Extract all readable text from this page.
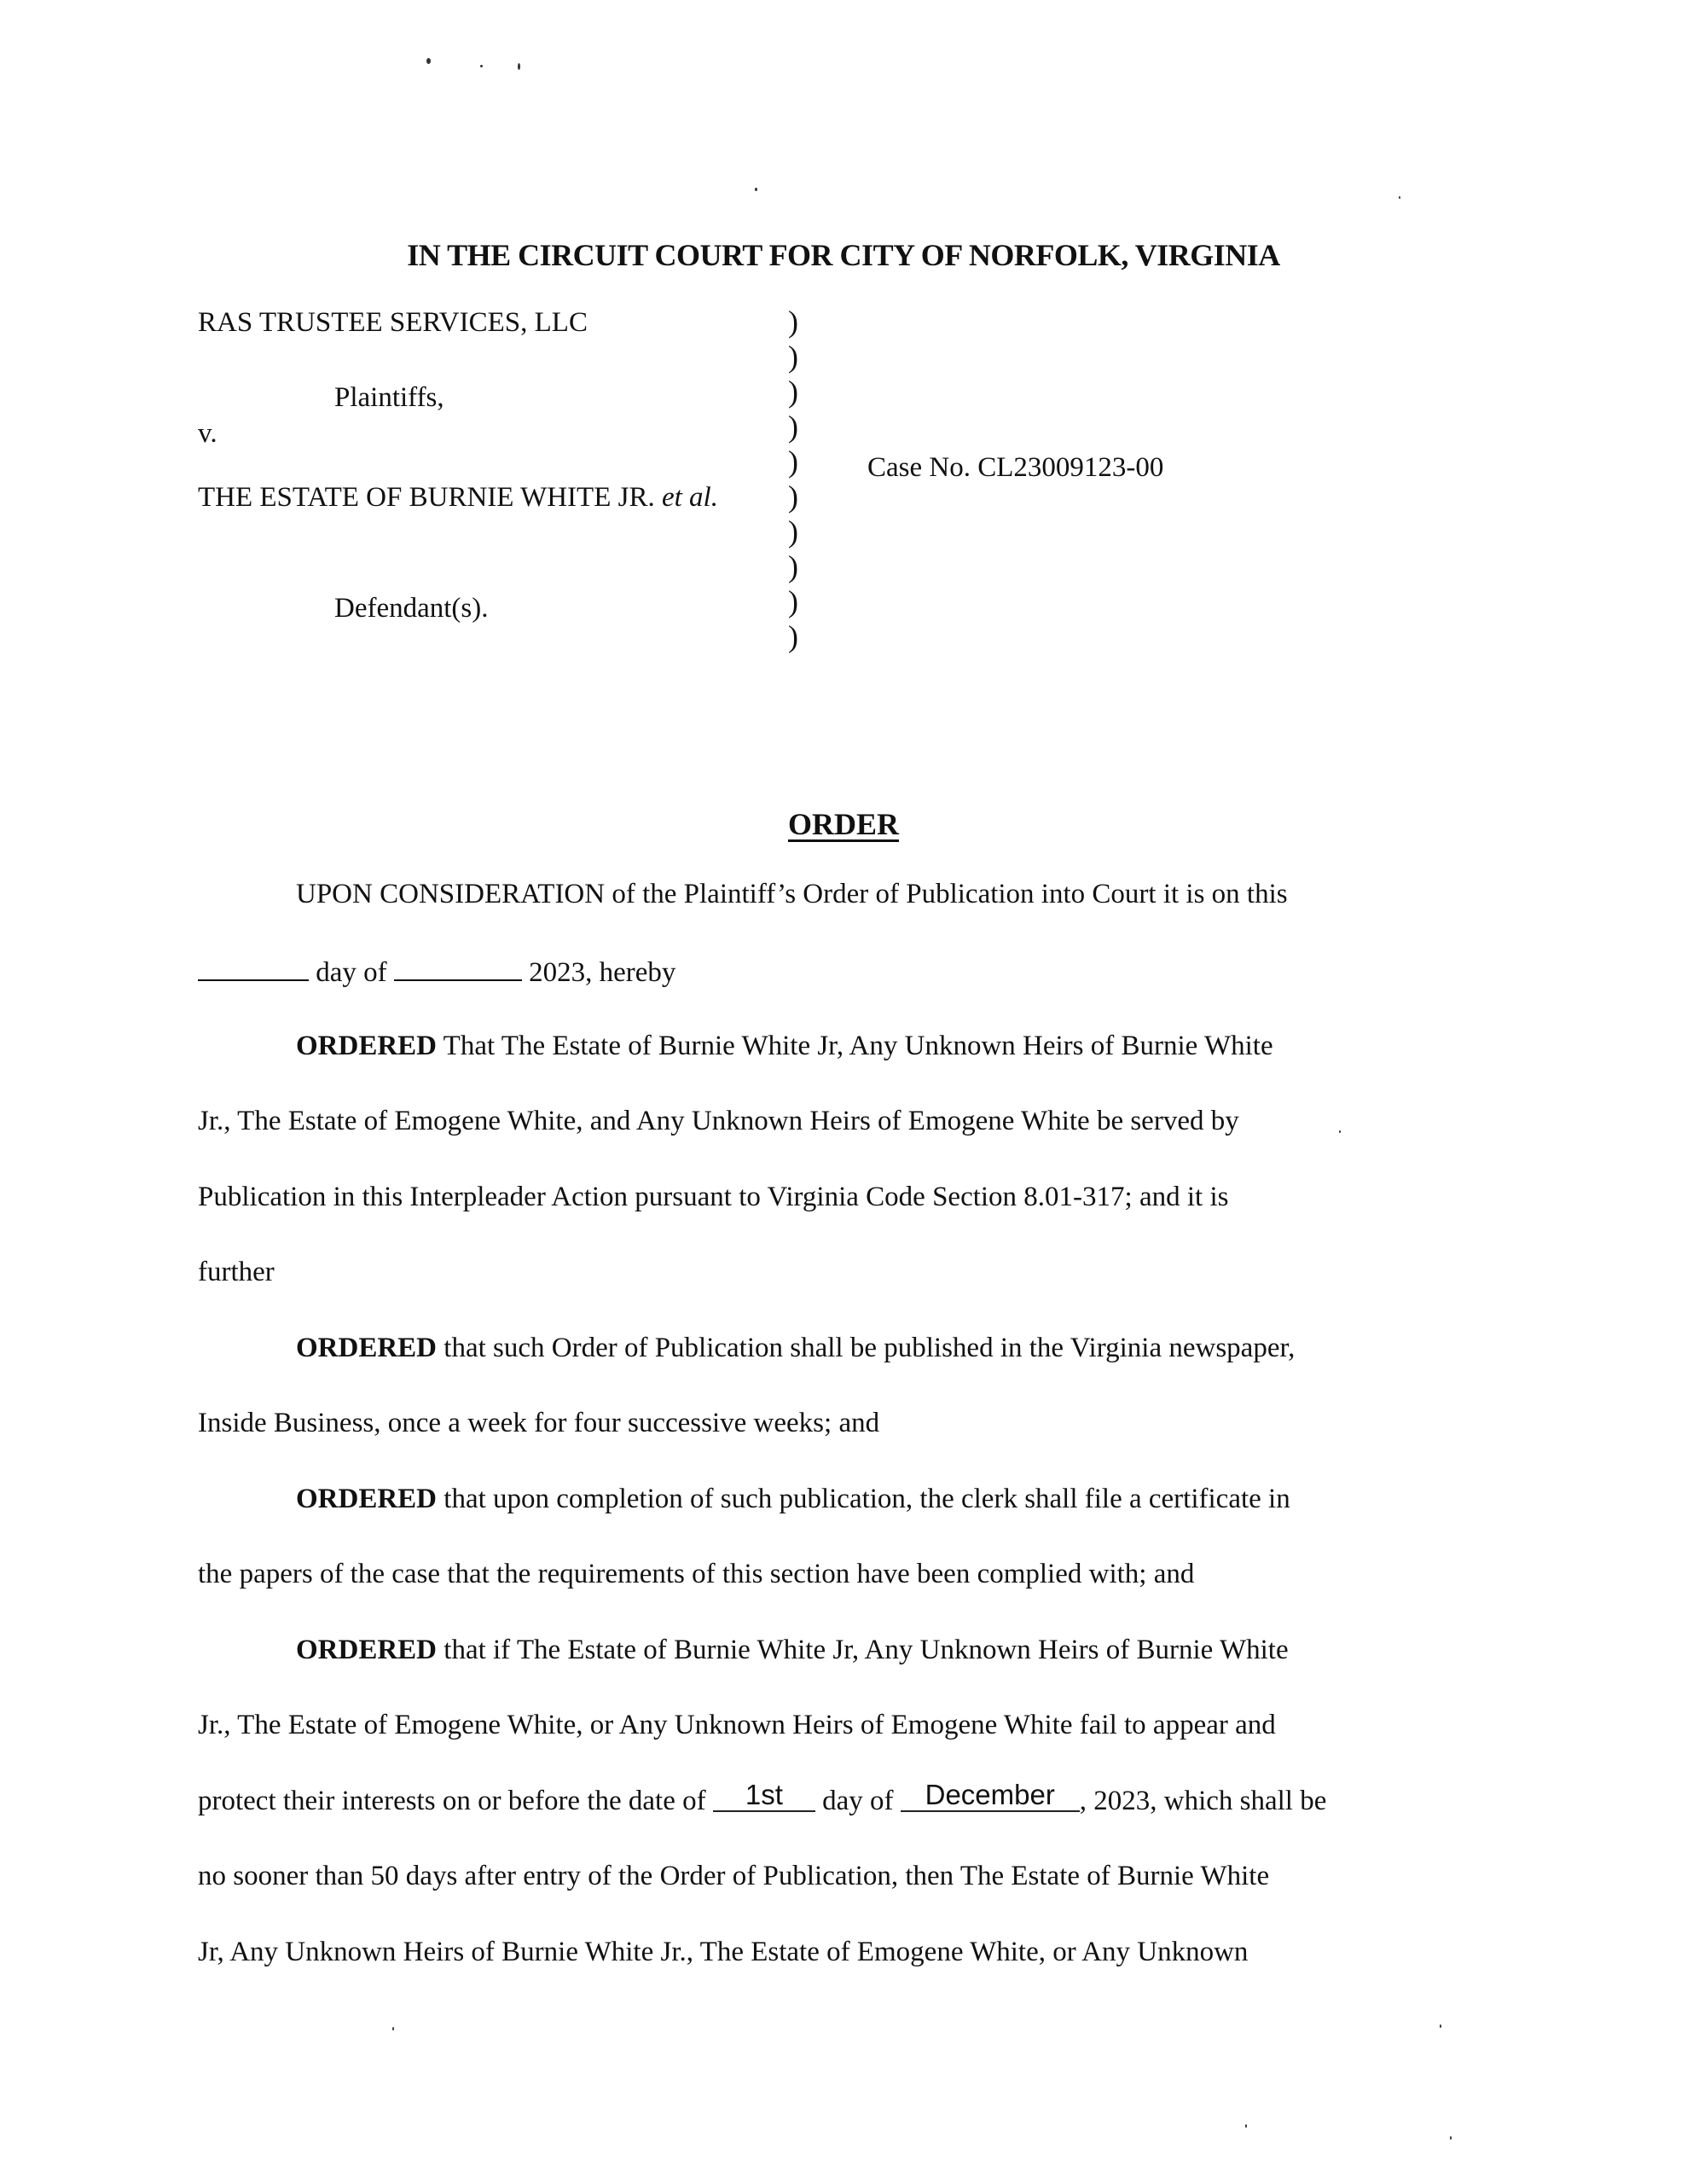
IN THE CIRCUIT COURT FOR CITY OF NORFOLK, VIRGINIA
RAS TRUSTEE SERVICES, LLC
Plaintiffs,
v.
THE ESTATE OF BURNIE WHITE JR. et al.
Defendant(s).
)
)
)
)
)
)
)
)
)
)
Case No. CL23009123-00
ORDER
UPON CONSIDERATION of the Plaintiff’s Order of Publication into Court it is on this
day of	2023, hereby
ORDERED That The Estate of Burnie White Jr, Any Unknown Heirs of Burnie White
Jr., The Estate of Emogene White, and Any Unknown Heirs of Emogene White be served by
Publication in this Interpleader Action pursuant to Virginia Code Section 8.01-317; and it is
further
ORDERED that such Order of Publication shall be published in the Virginia newspaper,
Inside Business, once a week for four successive weeks; and
ORDERED that upon completion of such publication, the clerk shall file a certificate in
the papers of the case that the requirements of this section have been complied with; and
ORDERED that if The Estate of Burnie White Jr, Any Unknown Heirs of Burnie White
Jr., The Estate of Emogene White, or Any Unknown Heirs of Emogene White fail to appear and
protect their interests on or before the date of 1st day of December , 2023, which shall be
no sooner than 50 days after entry of the Order of Publication, then The Estate of Burnie White
Jr, Any Unknown Heirs of Burnie White Jr., The Estate of Emogene White, or Any Unknown
